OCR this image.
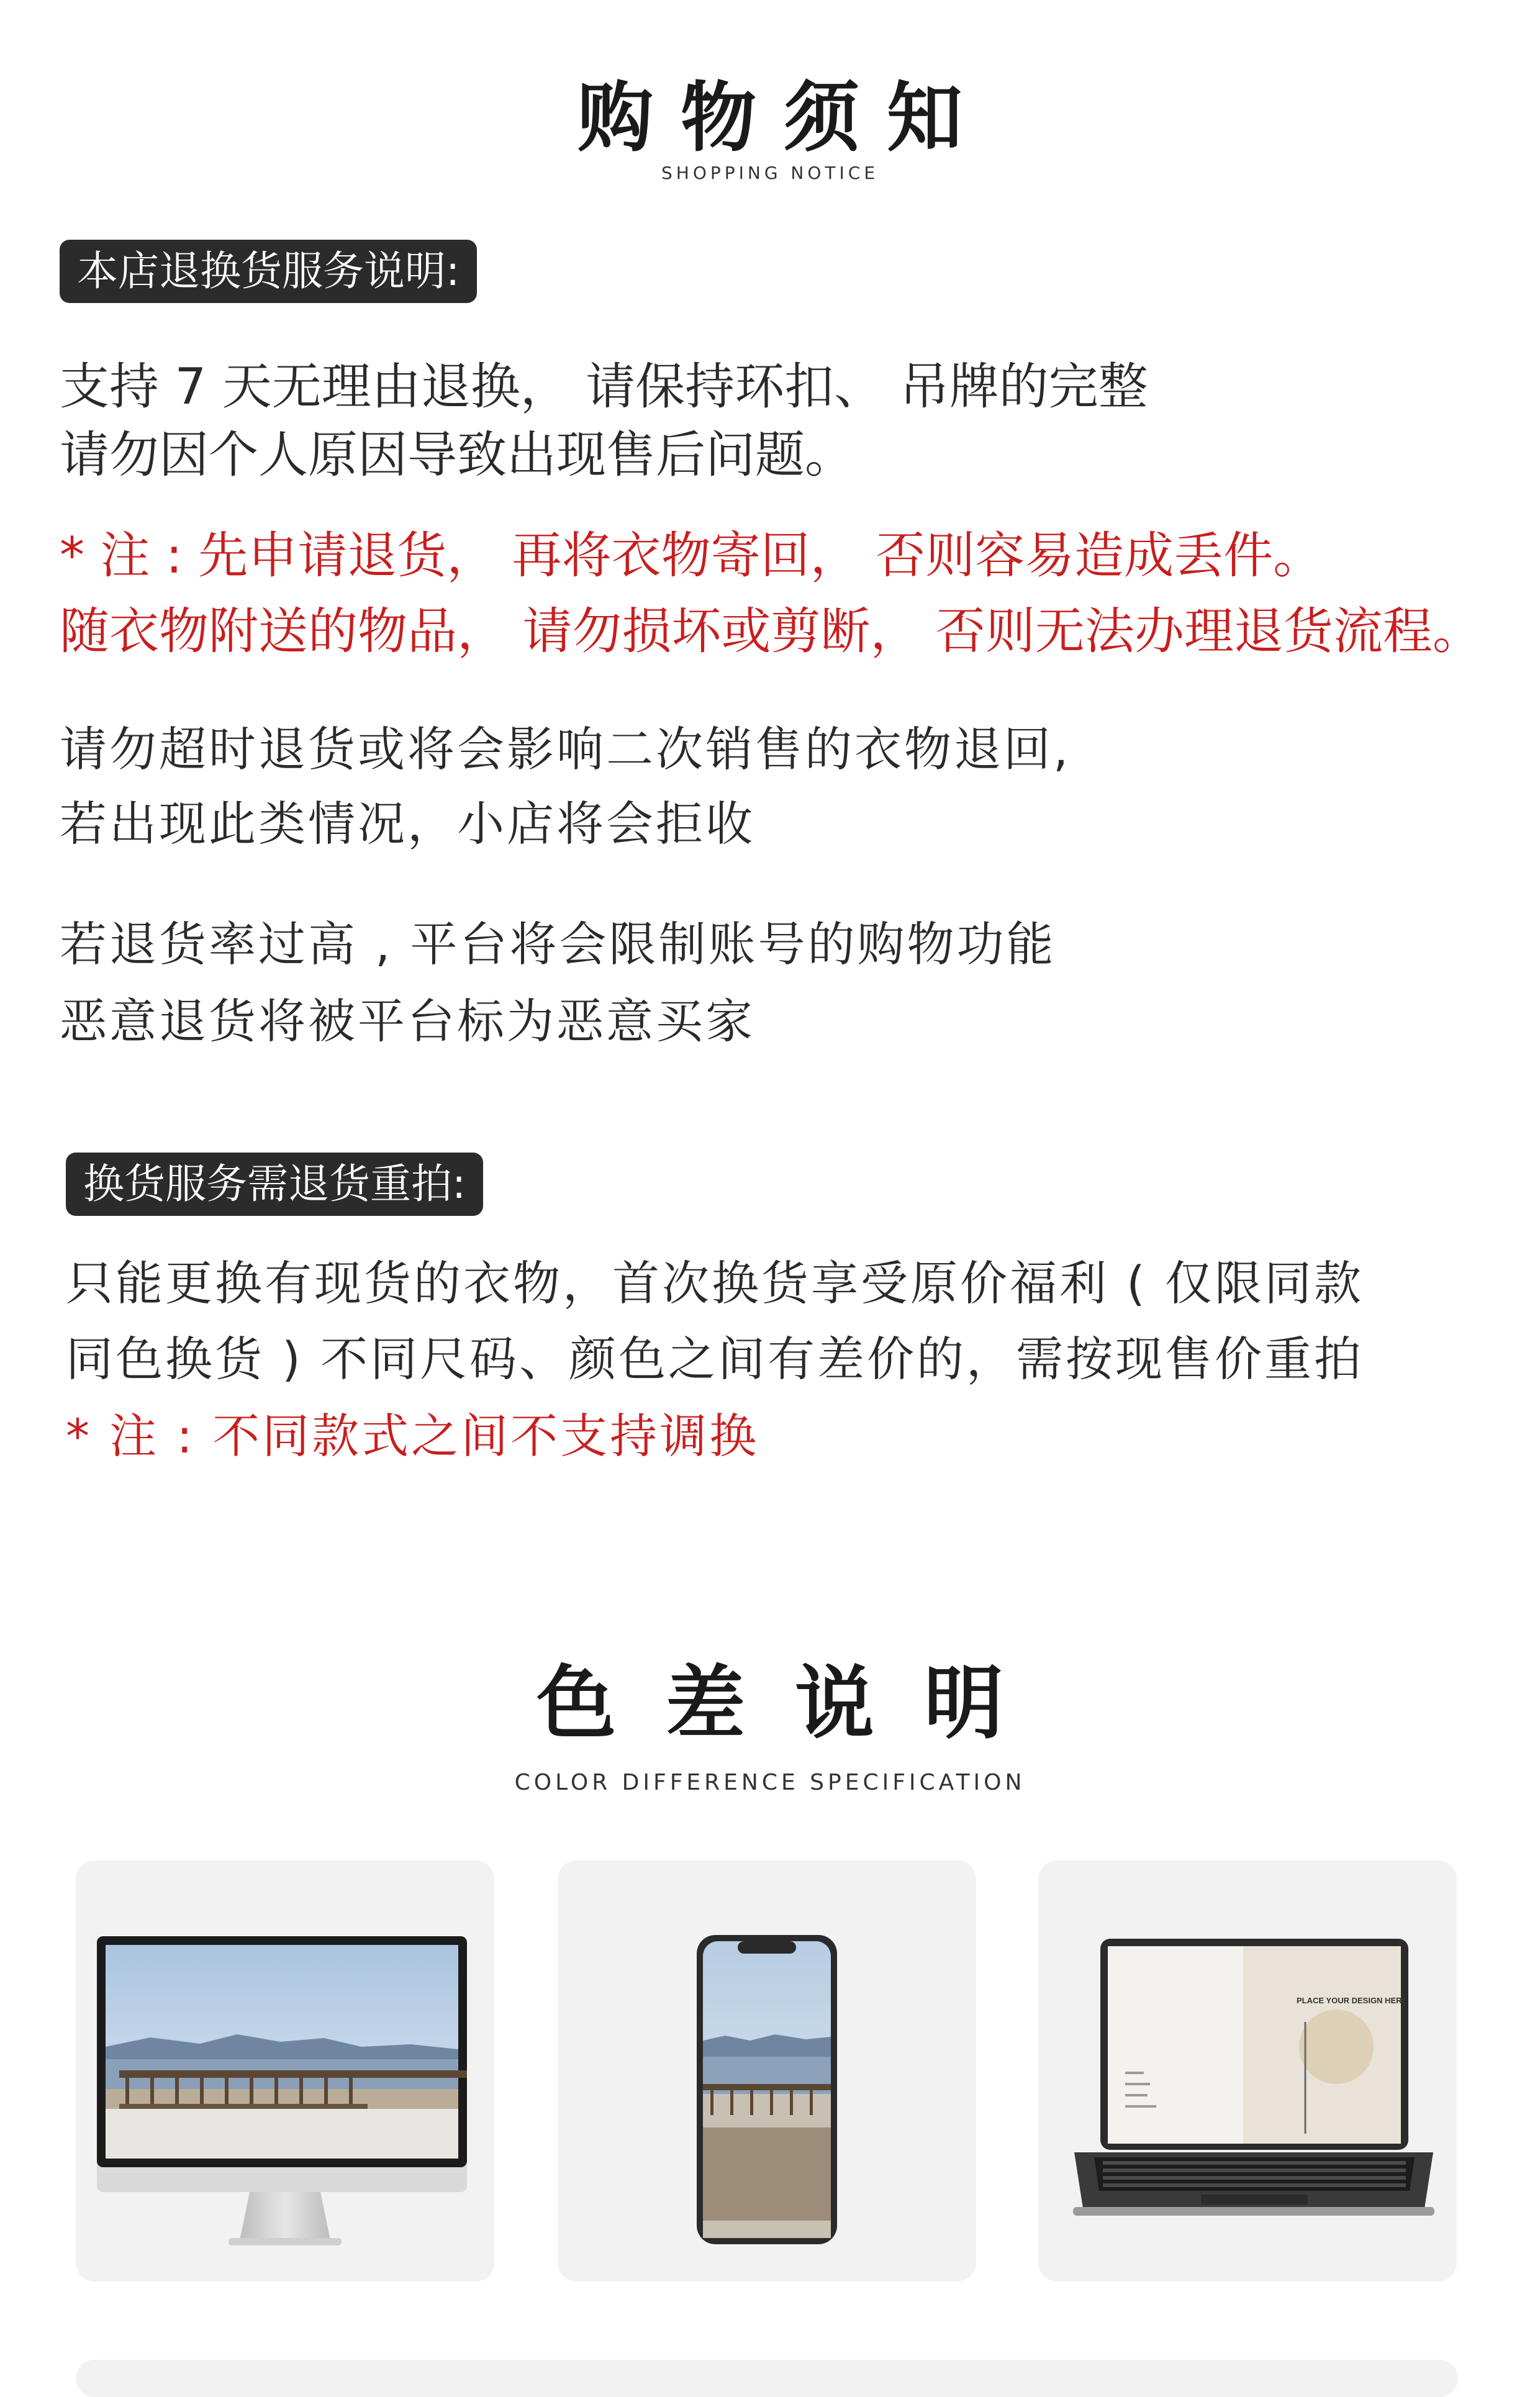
购物须知
SHOPPING NOTICE
本店退换货服务说明:
支持 7 天无理由退换， 请保持环扣、 吊牌的完整
请勿因个人原因导致出现售后问题。
* 注 : 先申请退货， 再将衣物寄回， 否则容易造成丢件。
随衣物附送的物品， 请勿损坏或剪断， 否则无法办理退货流程。
请勿超时退货或将会影响二次销售的衣物退回,
若出现此类情况，小店将会拒收
若退货率过高 , 平台将会限制账号的购物功能
恶意退货将被平台标为恶意买家
换货服务需退货重拍:
只能更换有现货的衣物，首次换货享受原价福利 ( 仅限同款
同色换货 ) 不同尺码、颜色之间有差价的，需按现售价重拍
* 注 : 不同款式之间不支持调换
色差说明
COLOR DIFFERENCE SPECIFICATION
PLACE YOUR DESIGN HERE
